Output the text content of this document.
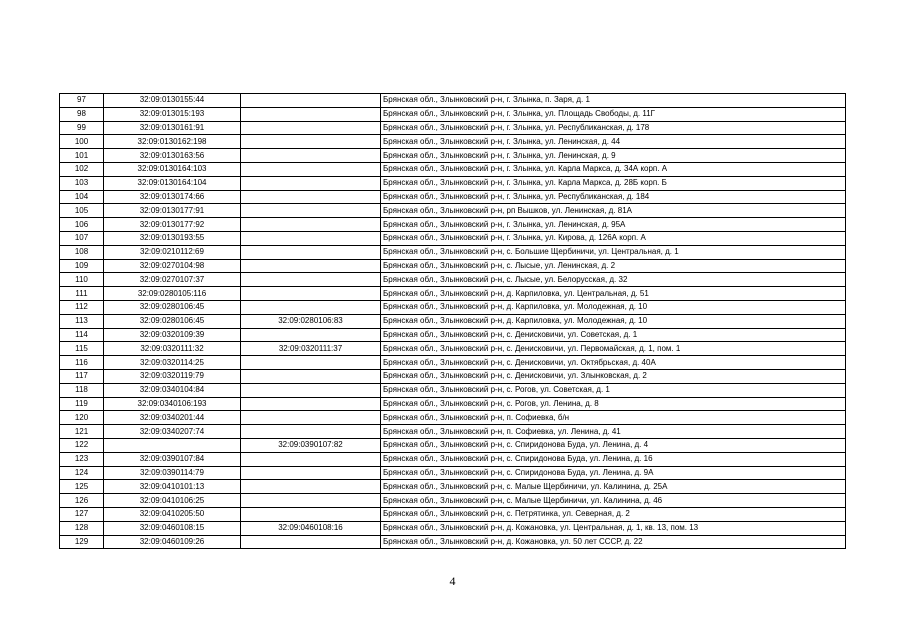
97	32:09:0130155:44		Брянская обл., Злынковский р-н, г. Злынка, п. Заря, д. 1
98	32:09:013015:193		Брянская обл., Злынковский р-н, г. Злынка, ул. Площадь Свободы, д. 11Г
99	32:09:0130161:91		Брянская обл., Злынковский р-н, г. Злынка, ул. Республиканская, д. 178
100	32:09:0130162:198		Брянская обл., Злынковский р-н, г. Злынка, ул. Ленинская, д. 44
101	32:09:0130163:56		Брянская обл., Злынковский р-н, г. Злынка, ул. Ленинская, д. 9
102	32:09:0130164:103		Брянская обл., Злынковский р-н, г. Злынка, ул. Карла Маркса, д. 34А корп. А
103	32:09:0130164:104		Брянская обл., Злынковский р-н, г. Злынка, ул. Карла Маркса, д. 28Б корп. Б
104	32:09:0130174:66		Брянская обл., Злынковский р-н, г. Злынка, ул. Республиканская, д. 184
105	32:09:0130177:91		Брянская обл., Злынковский р-н, рп Вышков, ул. Ленинская, д. 81А
106	32:09:0130177:92		Брянская обл., Злынковский р-н, г. Злынка, ул. Ленинская, д. 95А
107	32:09:0130193:55		Брянская обл., Злынковский р-н, г. Злынка, ул. Кирова, д. 126А корп. А
108	32:09:0210112:69		Брянская обл., Злынковский р-н, с. Большие Щербиничи, ул. Центральная, д. 1
109	32:09:0270104:98		Брянская обл., Злынковский р-н, с. Лысые, ул. Ленинская, д. 2
110	32:09:0270107:37		Брянская обл., Злынковский р-н, с. Лысые, ул. Белорусская, д. 32
111	32:09:0280105:116		Брянская обл., Злынковский р-н, д. Карпиловка, ул. Центральная, д. 51
112	32:09:0280106:45		Брянская обл., Злынковский р-н, д. Карпиловка, ул. Молодежная, д. 10
113	32:09:0280106:45	32:09:0280106:83	Брянская обл., Злынковский р-н, д. Карпиловка, ул. Молодежная, д. 10
114	32:09:0320109:39		Брянская обл., Злынковский р-н, с. Денисковичи, ул. Советская, д. 1
115	32:09:0320111:32	32:09:0320111:37	Брянская обл., Злынковский р-н, с. Денисковичи, ул. Первомайская, д. 1, пом. 1
116	32:09:0320114:25		Брянская обл., Злынковский р-н, с. Денисковичи, ул. Октябрьская, д. 40А
117	32:09:0320119:79		Брянская обл., Злынковский р-н, с. Денисковичи, ул. Злынковская, д. 2
118	32:09:0340104:84		Брянская обл., Злынковский р-н, с. Рогов, ул. Советская, д. 1
119	32:09:0340106:193		Брянская обл., Злынковский р-н, с. Рогов, ул. Ленина, д. 8
120	32:09:0340201:44		Брянская обл., Злынковский р-н, п. Софиевка, б/н
121	32:09:0340207:74		Брянская обл., Злынковский р-н, п. Софиевка, ул. Ленина, д. 41
122		32:09:0390107:82	Брянская обл., Злынковский р-н, с. Спиридонова Буда, ул. Ленина, д. 4
123	32:09:0390107:84		Брянская обл., Злынковский р-н, с. Спиридонова Буда, ул. Ленина, д. 16
124	32:09:0390114:79		Брянская обл., Злынковский р-н, с. Спиридонова Буда, ул. Ленина, д. 9А
125	32:09:0410101:13		Брянская обл., Злынковский р-н, с. Малые Щербиничи, ул. Калинина, д. 25А
126	32:09:0410106:25		Брянская обл., Злынковский р-н, с. Малые Щербиничи, ул. Калинина, д. 46
127	32:09:0410205:50		Брянская обл., Злынковский р-н, с. Петрятинка, ул. Северная, д. 2
128	32:09:0460108:15	32:09:0460108:16	Брянская обл., Злынковский р-н, д. Кожановка, ул. Центральная, д. 1, кв. 13, пом. 13
129	32:09:0460109:26		Брянская обл., Злынковский р-н, д. Кожановка, ул. 50 лет СССР, д. 22
4
